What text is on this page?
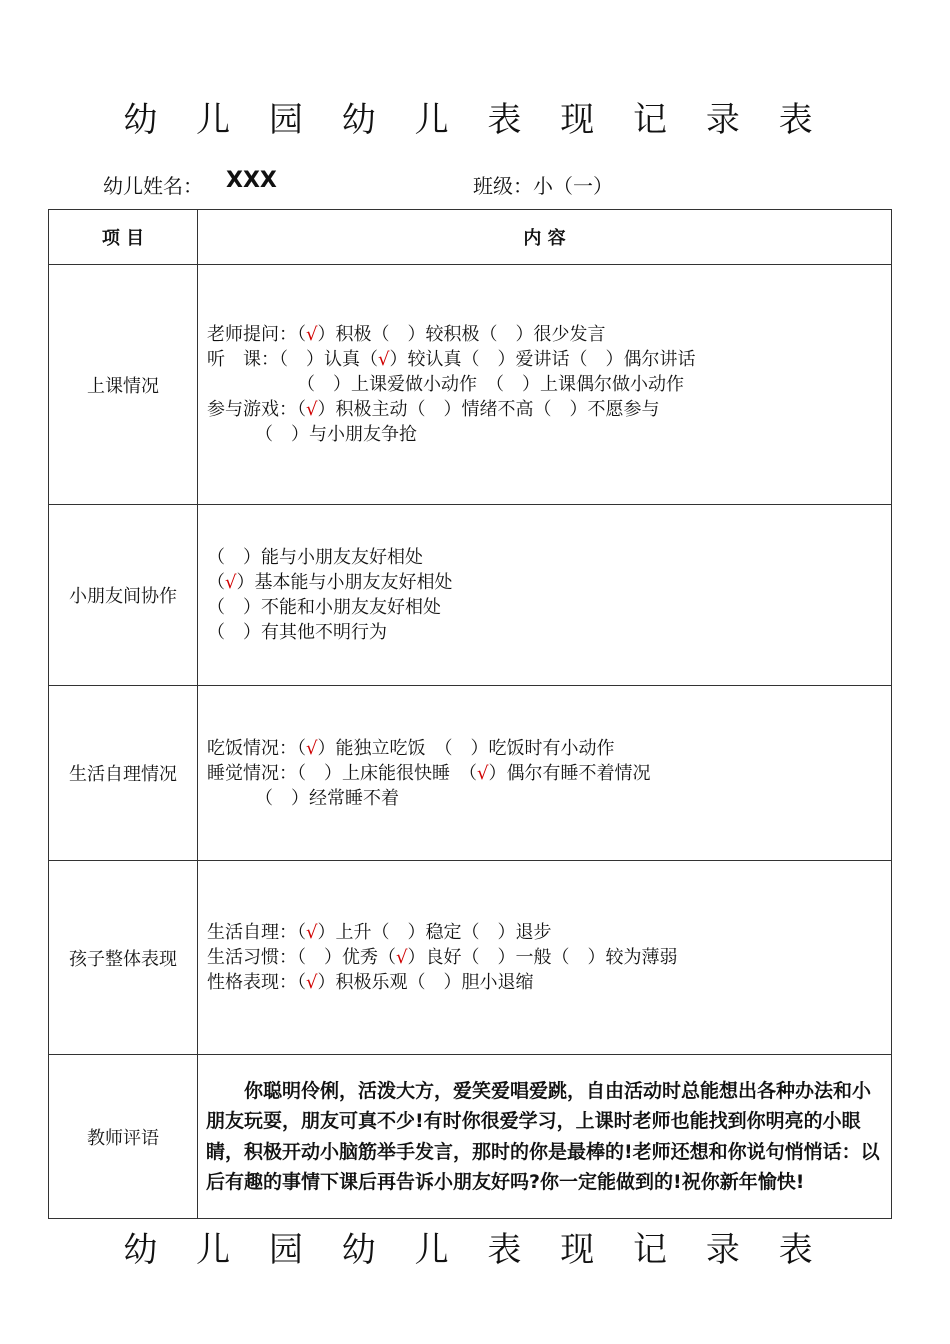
幼 儿 园 幼 儿 表 现 记 录 表
幼儿姓名： XXX	班级：小（一）
项 目	内 容
上课情况	老师提问：（√）积极（　）较积极（　）很少发言
听　课：（　）认真（√）较认真（　）爱讲话（　）偶尔讲话
（　）上课爱做小动作　（　）上课偶尔做小动作
参与游戏：（√）积极主动（　）情绪不高（　）不愿参与
（　）与小朋友争抢

小朋友间协作	（　）能与小朋友友好相处
（√）基本能与小朋友友好相处
（　）不能和小朋友友好相处
（　）有其他不明行为

生活自理情况	吃饭情况：（√）能独立吃饭　（　）吃饭时有小动作
睡觉情况：（　）上床能很快睡　（√）偶尔有睡不着情况
（　）经常睡不着

孩子整体表现	生活自理：（√）上升（　）稳定（　）退步
生活习惯：（　）优秀（√）良好（　）一般（　）较为薄弱
性格表现：（√）积极乐观（　）胆小退缩

教师评语	你聪明伶俐，活泼大方，爱笑爱唱爱跳，自由活动时总能想出各种办法和小朋友玩耍，朋友可真不少!有时你很爱学习，上课时老师也能找到你明亮的小眼睛，积极开动小脑筋举手发言，那时的你是最棒的!老师还想和你说句悄悄话：以后有趣的事情下课后再告诉小朋友好吗?你一定能做到的!祝你新年愉快!
幼 儿 园 幼 儿 表 现 记 录 表
